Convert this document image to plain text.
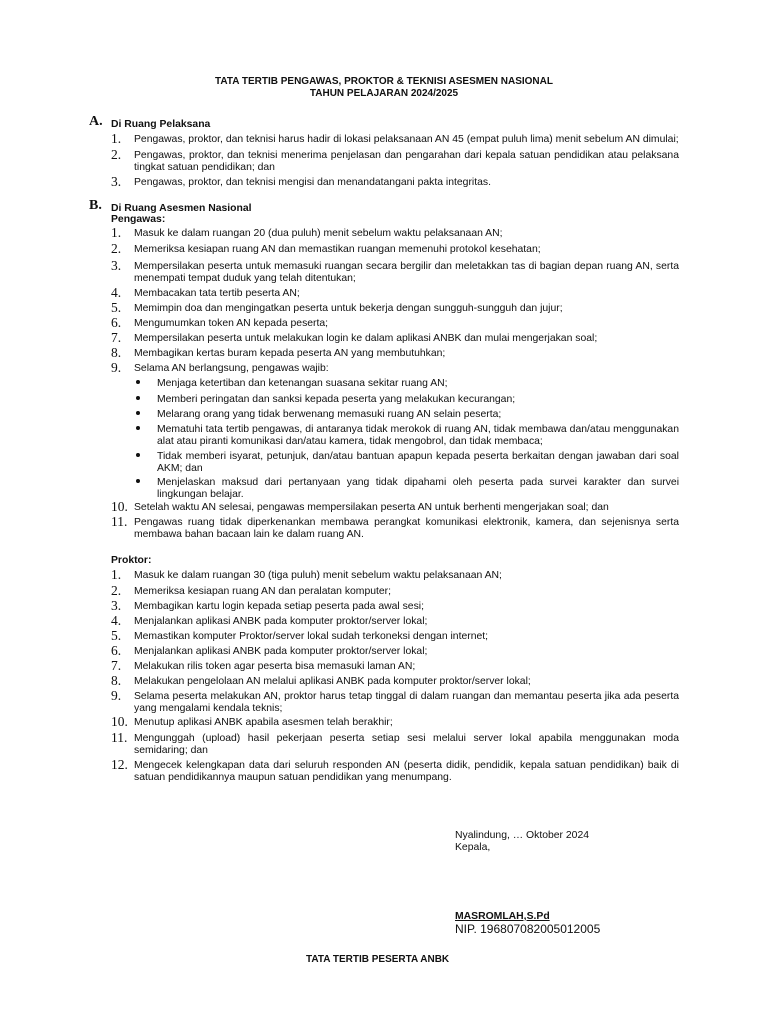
TATA TERTIB PENGAWAS, PROKTOR & TEKNISI ASESMEN NASIONAL
TAHUN PELAJARAN 2024/2025
A. Di Ruang Pelaksana
1. Pengawas, proktor, dan teknisi harus hadir di lokasi pelaksanaan AN 45 (empat puluh lima) menit sebelum AN dimulai;
2. Pengawas, proktor, dan teknisi menerima penjelasan dan pengarahan dari kepala satuan pendidikan atau pelaksana tingkat satuan pendidikan; dan
3. Pengawas, proktor, dan teknisi mengisi dan menandatangani pakta integritas.
B. Di Ruang Asesmen Nasional
Pengawas:
1. Masuk ke dalam ruangan 20 (dua puluh) menit sebelum waktu pelaksanaan AN;
2. Memeriksa kesiapan ruang AN dan memastikan ruangan memenuhi protokol kesehatan;
3. Mempersilakan peserta untuk memasuki ruangan secara bergilir dan meletakkan tas di bagian depan ruang AN, serta menempati tempat duduk yang telah ditentukan;
4. Membacakan tata tertib peserta AN;
5. Memimpin doa dan mengingatkan peserta untuk bekerja dengan sungguh-sungguh dan jujur;
6. Mengumumkan token AN kepada peserta;
7. Mempersilakan peserta untuk melakukan login ke dalam aplikasi ANBK dan mulai mengerjakan soal;
8. Membagikan kertas buram kepada peserta AN yang membutuhkan;
9. Selama AN berlangsung, pengawas wajib:
10. Setelah waktu AN selesai, pengawas mempersilakan peserta AN untuk berhenti mengerjakan soal; dan
11. Pengawas ruang tidak diperkenankan membawa perangkat komunikasi elektronik, kamera, dan sejenisnya serta membawa bahan bacaan lain ke dalam ruang AN.
Menjaga ketertiban dan ketenangan suasana sekitar ruang AN;
Memberi peringatan dan sanksi kepada peserta yang melakukan kecurangan;
Melarang orang yang tidak berwenang memasuki ruang AN selain peserta;
Mematuhi tata tertib pengawas, di antaranya tidak merokok di ruang AN, tidak membawa dan/atau menggunakan alat atau piranti komunikasi dan/atau kamera, tidak mengobrol, dan tidak membaca;
Tidak memberi isyarat, petunjuk, dan/atau bantuan apapun kepada peserta berkaitan dengan jawaban dari soal AKM; dan
Menjelaskan maksud dari pertanyaan yang tidak dipahami oleh peserta pada survei karakter dan survei lingkungan belajar.
Proktor:
1. Masuk ke dalam ruangan 30 (tiga puluh) menit sebelum waktu pelaksanaan AN;
2. Memeriksa kesiapan ruang AN dan peralatan komputer;
3. Membagikan kartu login kepada setiap peserta pada awal sesi;
4. Menjalankan aplikasi ANBK pada komputer proktor/server lokal;
5. Memastikan komputer Proktor/server lokal sudah terkoneksi dengan internet;
6. Menjalankan aplikasi ANBK pada komputer proktor/server lokal;
7. Melakukan rilis token agar peserta bisa memasuki laman AN;
8. Melakukan pengelolaan AN melalui aplikasi ANBK pada komputer proktor/server lokal;
9. Selama peserta melakukan AN, proktor harus tetap tinggal di dalam ruangan dan memantau peserta jika ada peserta yang mengalami kendala teknis;
10. Menutup aplikasi ANBK apabila asesmen telah berakhir;
11. Mengunggah (upload) hasil pekerjaan peserta setiap sesi melalui server lokal apabila menggunakan moda semidaring; dan
12. Mengecek kelengkapan data dari seluruh responden AN (peserta didik, pendidik, kepala satuan pendidikan) baik di satuan pendidikannya maupun satuan pendidikan yang menumpang.
Nyalindung, … Oktober 2024
Kepala,
MASROMLAH,S.Pd
NIP. 196807082005012005
TATA TERTIB PESERTA ANBK
